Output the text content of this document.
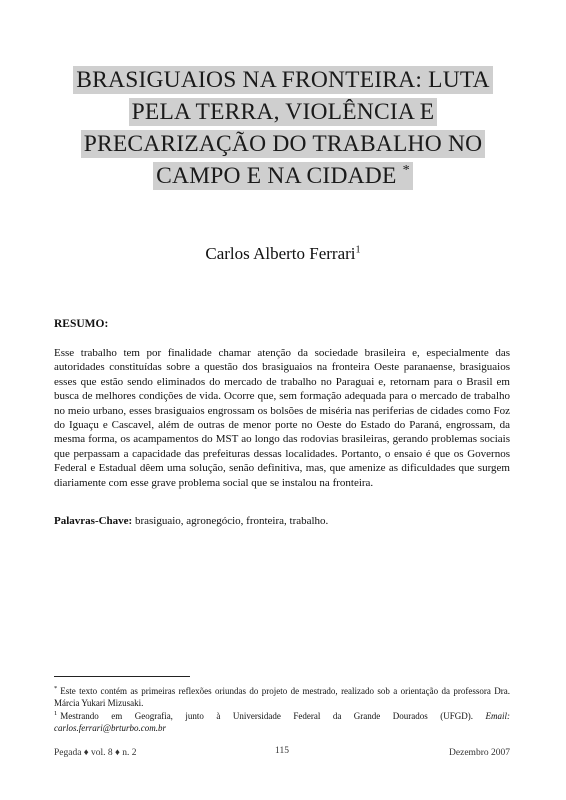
BRASIGUAIOS NA FRONTEIRA: LUTA
PELA TERRA, VIOLÊNCIA E
PRECARIZAÇÃO DO TRABALHO NO
CAMPO E NA CIDADE *
Carlos Alberto Ferrari$^1$
RESUMO:
Esse trabalho tem por finalidade chamar atenção da sociedade brasileira e, especialmente das autoridades constituídas sobre a questão dos brasiguaios na fronteira Oeste paranaense, brasiguaios esses que estão sendo eliminados do mercado de trabalho no Paraguai e, retornam para o Brasil em busca de melhores condições de vida. Ocorre que, sem formação adequada para o mercado de trabalho no meio urbano, esses brasiguaios engrossam os bolsões de miséria nas periferias de cidades como Foz do Iguaçu e Cascavel, além de outras de menor porte no Oeste do Estado do Paraná, engrossam, da mesma forma, os acampamentos do MST ao longo das rodovias brasileiras, gerando problemas sociais que perpassam a capacidade das prefeituras dessas localidades. Portanto, o ensaio é que os Governos Federal e Estadual dêem uma solução, senão definitiva, mas, que amenize as dificuldades que surgem diariamente com esse grave problema social que se instalou na fronteira.
Palavras-Chave: brasiguaio, agronegócio, fronteira, trabalho.

* Este texto contém as primeiras reflexões oriundas do projeto de mestrado, realizado sob a orientação da professora Dra. Márcia Yukari Mizusaki.

$^1$ Mestrando em Geografia, junto à Universidade Federal da Grande Dourados (UFGD). Email: carlos.ferrari@brturbo.com.br

Pegada ♦ vol. 8 ♦ n. 2	115	Dezembro 2007
